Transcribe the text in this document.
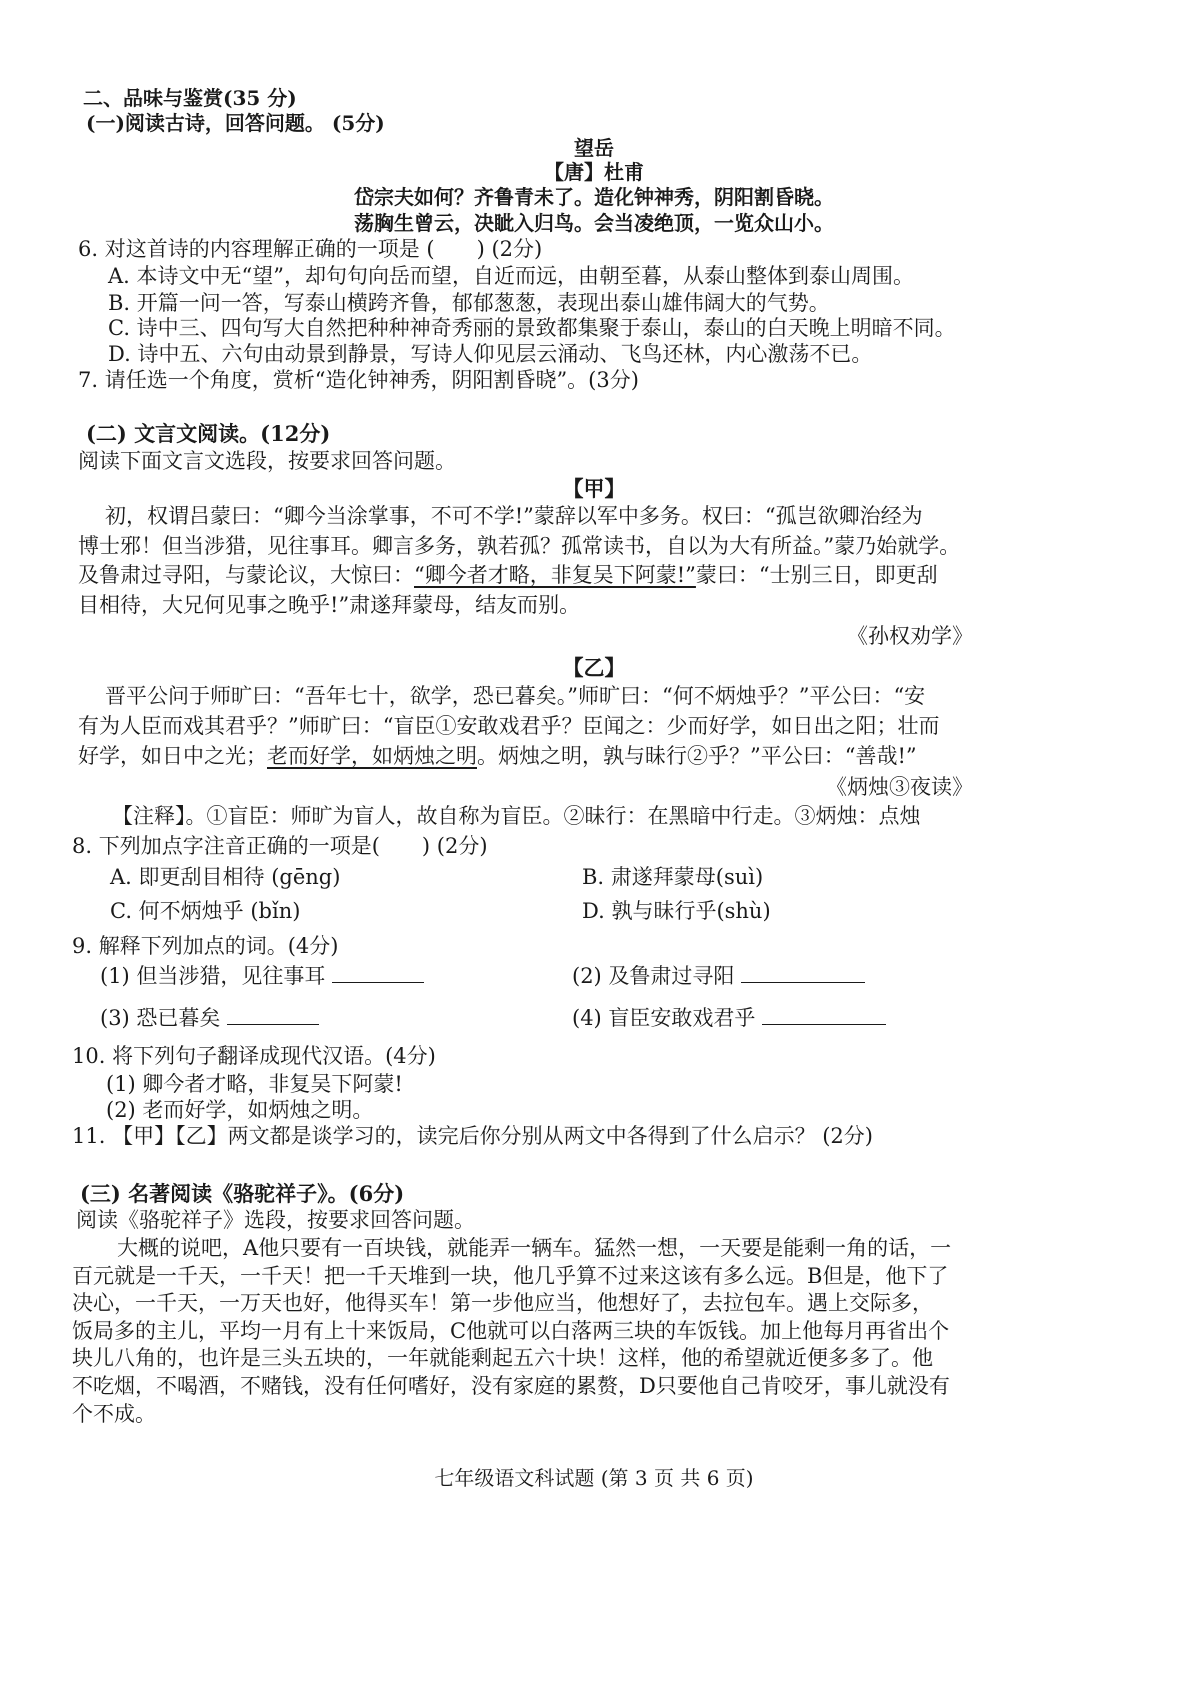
二、品味与鉴赏(35 分)
(一)阅读古诗，回答问题。 (5分)
望岳
【唐】杜甫
岱宗夫如何？齐鲁青未了。造化钟神秀，阴阳割昏晓。
荡胸生曾云，决眦入归鸟。会当凌绝顶，一览众山小。
6. 对这首诗的内容理解正确的一项是 (　　) (2分)
A. 本诗文中无“望”，却句句向岳而望，自近而远，由朝至暮，从泰山整体到泰山周围。
B. 开篇一问一答，写泰山横跨齐鲁，郁郁葱葱，表现出泰山雄伟阔大的气势。
C. 诗中三、四句写大自然把种种神奇秀丽的景致都集聚于泰山，泰山的白天晚上明暗不同。
D. 诗中五、六句由动景到静景，写诗人仰见层云涌动、飞鸟还林，内心激荡不已。
7. 请任选一个角度，赏析“造化钟神秀，阴阳割昏晓”。(3分)
(二) 文言文阅读。(12分)
阅读下面文言文选段，按要求回答问题。
【甲】
初，权谓吕蒙曰：“卿今当涂掌事，不可不学!”蒙辞以军中多务。权曰：“孤岂欲卿治经为
博士邪！但当涉猎，见往事耳。卿言多务，孰若孤？孤常读书，自以为大有所益。”蒙乃始就学。
及鲁肃过寻阳，与蒙论议，大惊曰：“卿今者才略，非复吴下阿蒙!”蒙曰：“士别三日，即更刮
目相待，大兄何见事之晚乎!”肃遂拜蒙母，结友而别。
《孙权劝学》
【乙】
晋平公问于师旷曰：“吾年七十，欲学，恐已暮矣。”师旷曰：“何不炳烛乎？”平公曰：“安
有为人臣而戏其君乎？”师旷曰：“盲臣①安敢戏君乎？臣闻之：少而好学，如日出之阳；壮而
好学，如日中之光；老而好学，如炳烛之明。炳烛之明，孰与昧行②乎？”平公曰：“善哉!”
《炳烛③夜读》
【注释】。①盲臣：师旷为盲人，故自称为盲臣。②昧行：在黑暗中行走。③炳烛：点烛
8. 下列加点字注音正确的一项是(　　) (2分)
A. 即更刮目相待 (gēng)	B. 肃遂拜蒙母(suì)
C. 何不炳烛乎 (bǐn)	D. 孰与昧行乎(shù)
9. 解释下列加点的词。(4分)
(1) 但当涉猎，见往事耳	(2) 及鲁肃过寻阳
(3) 恐已暮矣	(4) 盲臣安敢戏君乎
10. 将下列句子翻译成现代汉语。(4分)
(1) 卿今者才略，非复吴下阿蒙!
(2) 老而好学，如炳烛之明。
11. 【甲】【乙】两文都是谈学习的，读完后你分别从两文中各得到了什么启示？ (2分)
(三) 名著阅读《骆驼祥子》。(6分)
阅读《骆驼祥子》选段，按要求回答问题。
大概的说吧，A他只要有一百块钱，就能弄一辆车。猛然一想，一天要是能剩一角的话，一
百元就是一千天，一千天！把一千天堆到一块，他几乎算不过来这该有多么远。B但是，他下了
决心，一千天，一万天也好，他得买车！第一步他应当，他想好了，去拉包车。遇上交际多，
饭局多的主儿，平均一月有上十来饭局，C他就可以白落两三块的车饭钱。加上他每月再省出个
块儿八角的，也许是三头五块的，一年就能剩起五六十块！这样，他的希望就近便多多了。他
不吃烟，不喝酒，不赌钱，没有任何嗜好，没有家庭的累赘，D只要他自己肯咬牙，事儿就没有
个不成。
七年级语文科试题 (第 3 页 共 6 页)
